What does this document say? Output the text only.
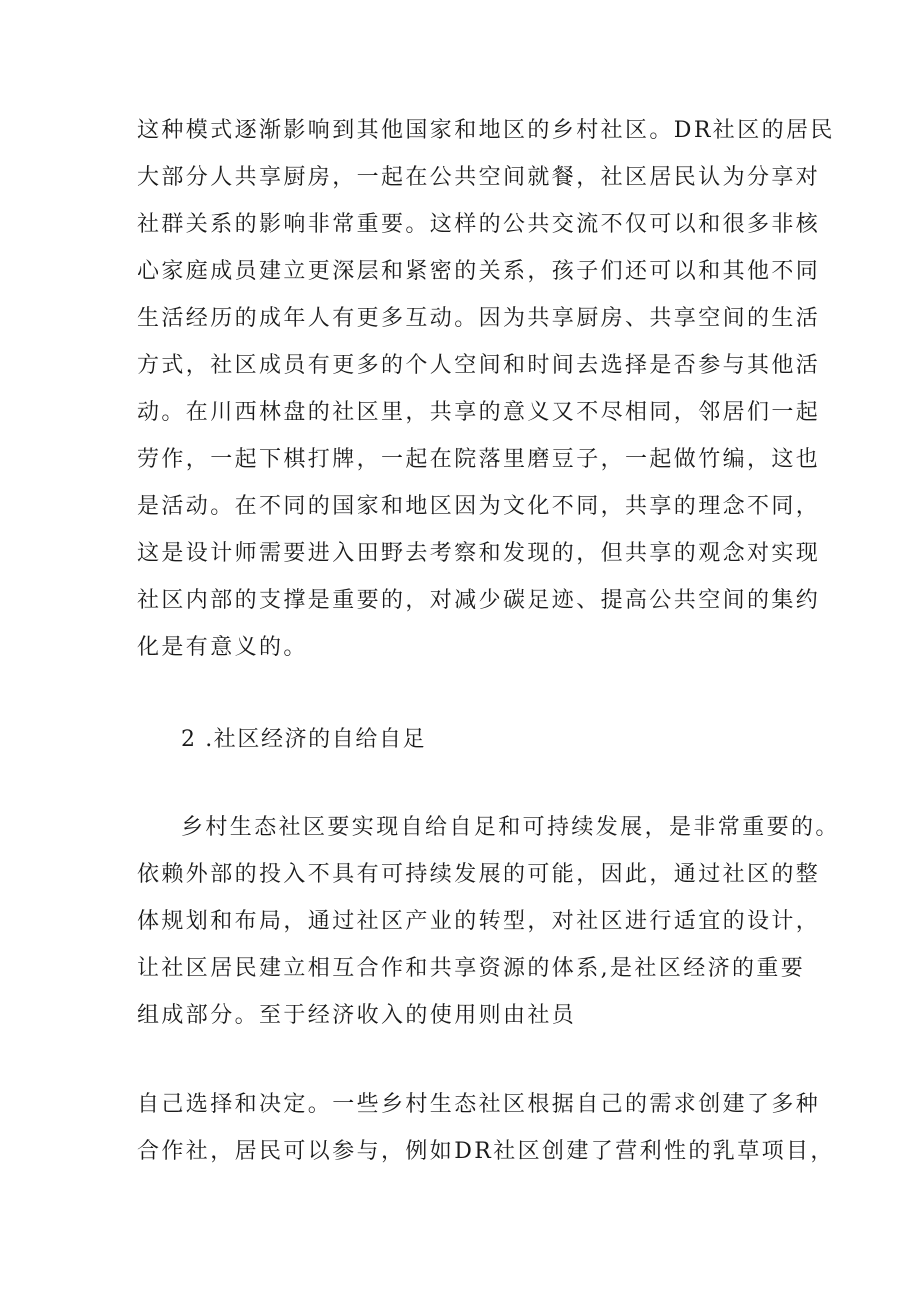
这种模式逐渐影响到其他国家和地区的乡村社区。DR社区的居民
大部分人共享厨房，一起在公共空间就餐，社区居民认为分享对
社群关系的影响非常重要。这样的公共交流不仅可以和很多非核
心家庭成员建立更深层和紧密的关系，孩子们还可以和其他不同
生活经历的成年人有更多互动。因为共享厨房、共享空间的生活
方式，社区成员有更多的个人空间和时间去选择是否参与其他活
动。在川西林盘的社区里，共享的意义又不尽相同，邻居们一起
劳作，一起下棋打牌，一起在院落里磨豆子，一起做竹编，这也
是活动。在不同的国家和地区因为文化不同，共享的理念不同，
这是设计师需要进入田野去考察和发现的，但共享的观念对实现
社区内部的支撑是重要的，对减少碳足迹、提高公共空间的集约
化是有意义的。
2 .社区经济的自给自足
乡村生态社区要实现自给自足和可持续发展，是非常重要的。
依赖外部的投入不具有可持续发展的可能，因此，通过社区的整
体规划和布局，通过社区产业的转型，对社区进行适宜的设计，
让社区居民建立相互合作和共享资源的体系,是社区经济的重要
组成部分。至于经济收入的使用则由社员
自己选择和决定。一些乡村生态社区根据自己的需求创建了多种
合作社，居民可以参与，例如DR社区创建了营利性的乳草项目，
